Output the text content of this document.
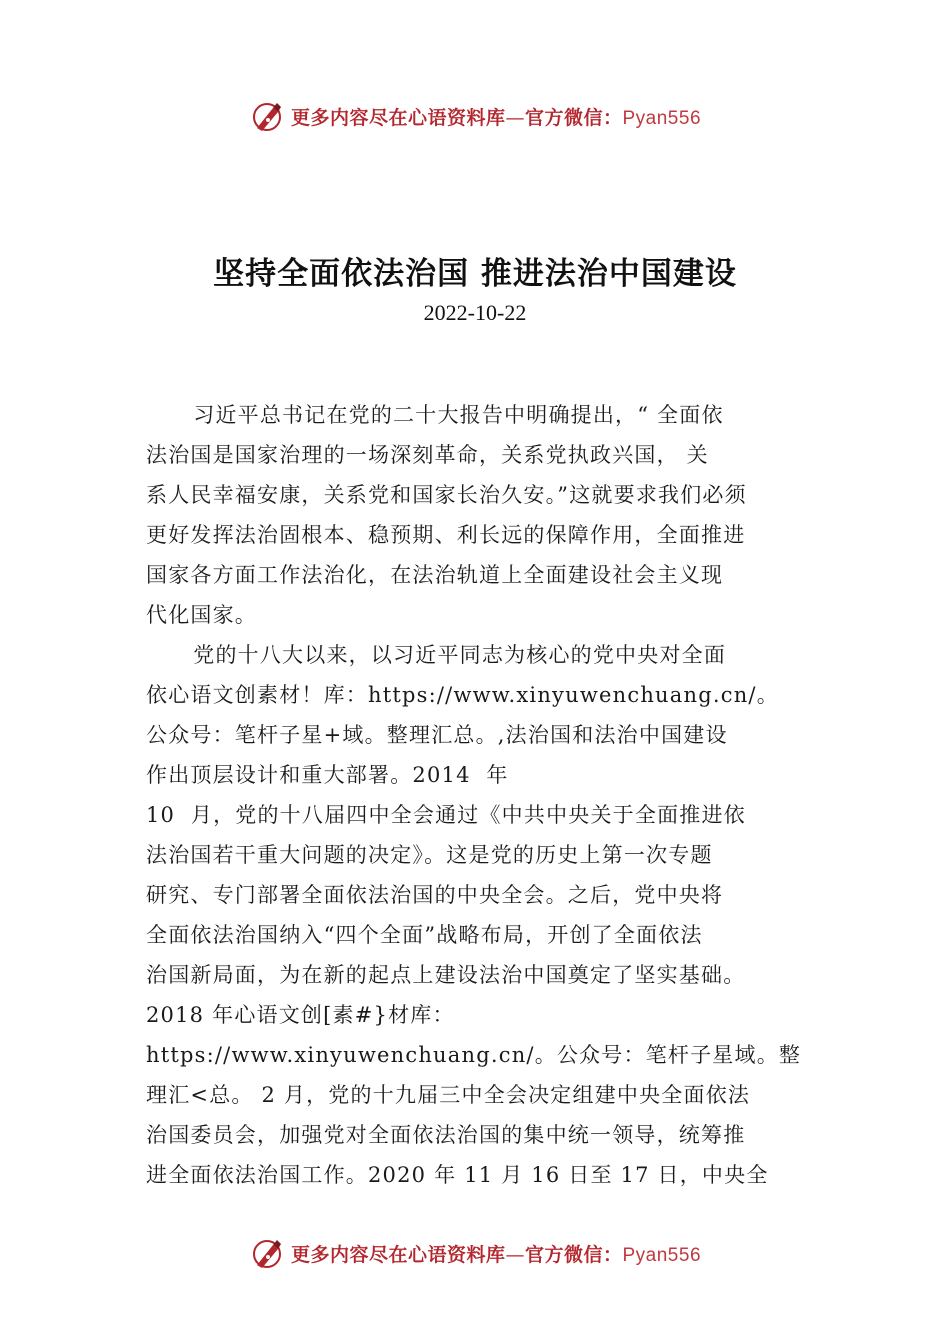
更多内容尽在心语资料库—官方微信：Pyan556
坚持全面依法治国 推进法治中国建设
2022-10-22
习近平总书记在党的二十大报告中明确提出，“ 全面依
法治国是国家治理的一场深刻革命，关系党执政兴国， 关
系人民幸福安康，关系党和国家长治久安。”这就要求我们必须
更好发挥法治固根本、稳预期、利长远的保障作用，全面推进
国家各方面工作法治化，在法治轨道上全面建设社会主义现
代化国家。
党的十八大以来，以习近平同志为核心的党中央对全面
依心语文创素材！库：https://www.xinyuwenchuang.cn/。
公众号：笔杆子星+域。整理汇总。,法治国和法治中国建设
作出顶层设计和重大部署。2014  年
10  月，党的十八届四中全会通过《中共中央关于全面推进依
法治国若干重大问题的决定》。这是党的历史上第一次专题
研究、专门部署全面依法治国的中央全会。之后，党中央将
全面依法治国纳入“四个全面”战略布局，开创了全面依法
治国新局面，为在新的起点上建设法治中国奠定了坚实基础。
2018 年心语文创[素#}材库：
https://www.xinyuwenchuang.cn/。公众号：笔杆子星域。整
理汇<总。 2 月，党的十九届三中全会决定组建中央全面依法
治国委员会，加强党对全面依法治国的集中统一领导，统筹推
进全面依法治国工作。2020 年 11 月 16 日至 17 日，中央全
更多内容尽在心语资料库—官方微信：Pyan556
